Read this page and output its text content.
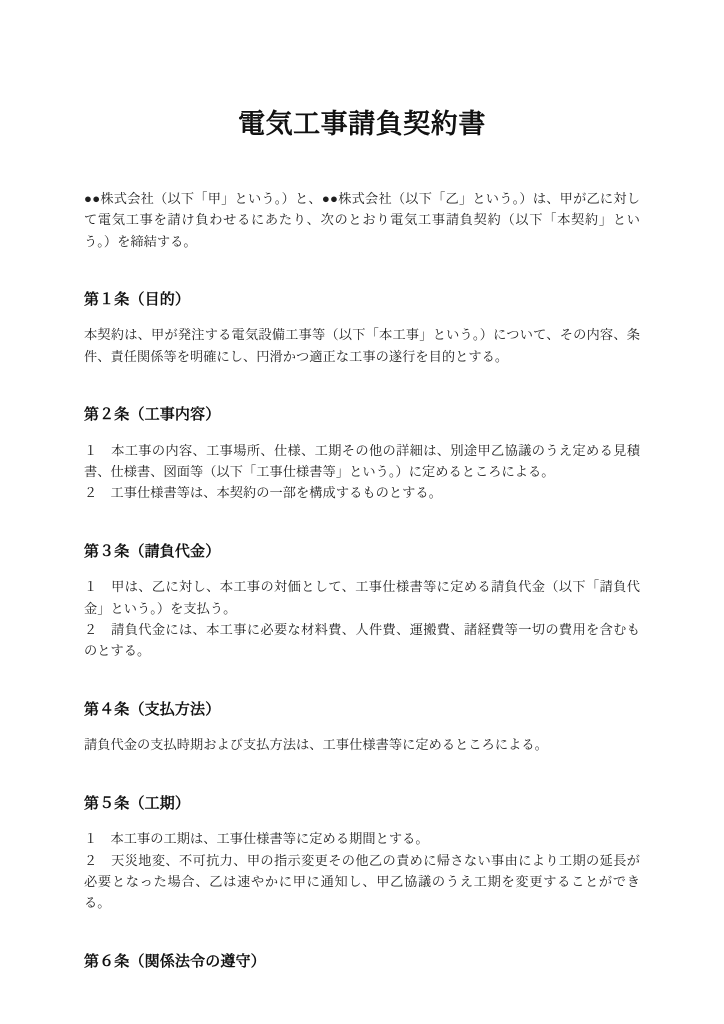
電気工事請負契約書

●●株式会社（以下「甲」という。）と、●●株式会社（以下「乙」という。）は、甲が乙に対して電気工事を請け負わせるにあたり、次のとおり電気工事請負契約（以下「本契約」という。）を締結する。

第１条（目的）

本契約は、甲が発注する電気設備工事等（以下「本工事」という。）について、その内容、条件、責任関係等を明確にし、円滑かつ適正な工事の遂行を目的とする。

第２条（工事内容）

１　本工事の内容、工事場所、仕様、工期その他の詳細は、別途甲乙協議のうえ定める見積書、仕様書、図面等（以下「工事仕様書等」という。）に定めるところによる。

２　工事仕様書等は、本契約の一部を構成するものとする。

第３条（請負代金）

１　甲は、乙に対し、本工事の対価として、工事仕様書等に定める請負代金（以下「請負代金」という。）を支払う。

２　請負代金には、本工事に必要な材料費、人件費、運搬費、諸経費等一切の費用を含むものとする。

第４条（支払方法）

請負代金の支払時期および支払方法は、工事仕様書等に定めるところによる。

第５条（工期）

１　本工事の工期は、工事仕様書等に定める期間とする。

２　天災地変、不可抗力、甲の指示変更その他乙の責めに帰さない事由により工期の延長が必要となった場合、乙は速やかに甲に通知し、甲乙協議のうえ工期を変更することができる。

第６条（関係法令の遵守）
